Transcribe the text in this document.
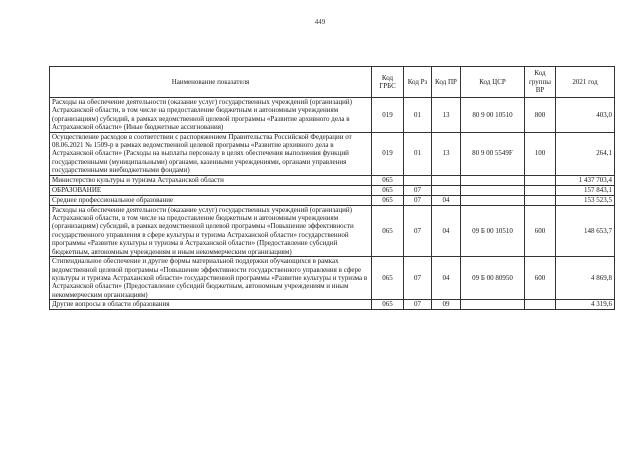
449
Наименование показателя	Код ГРБС	Код Рз	Код ПР	Код ЦСР	Код группы ВР	2021 год
Расходы на обеспечение деятельности (оказание услуг) государственных учреждений (организаций) Астраханской области, в том числе на предоставление бюджетным и автономным учреждениям (организациям) субсидий, в рамках ведомственной целевой программы «Развитие архивного дела в Астраханской области» (Иные бюджетные ассигнования)	019	01	13	80 9 00 10510	800	403,0
Осуществление расходов в соответствии с распоряжением Правительства Российской Федерации от 08.06.2021 № 1509-р в рамках ведомственной целевой программы «Развитие архивного дела в Астраханской области» (Расходы на выплаты персоналу в целях обеспечения выполнения функций государственными (муниципальными) органами, казенными учреждениями, органами управления государственными внебюджетными фондами)	019	01	13	80 9 00 5549F	100	264,1
Министерство культуры и туризма Астраханской области	065					1 437 703,4
ОБРАЗОВАНИЕ	065	07				157 843,1
Среднее профессиональное образование	065	07	04			153 523,5
Расходы на обеспечение деятельности (оказание услуг) государственных учреждений (организаций) Астраханской области, в том числе на предоставление бюджетным и автономным учреждениям (организациям) субсидий, в рамках ведомственной целевой программы «Повышение эффективности государственного управления в сфере культуры и туризма Астраханской области» государственной программы «Развитие культуры и туризма в Астраханской области» (Предоставление субсидий бюджетным, автономным учреждениям и иным некоммерческим организациям)	065	07	04	09 Б 00 10510	600	148 653,7
Стипендиальное обеспечение и другие формы материальной поддержки обучающихся в рамках ведомственной целевой программы «Повышение эффективности государственного управления в сфере культуры и туризма Астраханской области» государственной программы «Развитие культуры и туризма в Астраханской области» (Предоставление субсидий бюджетным, автономным учреждениям и иным некоммерческим организациям)	065	07	04	09 Б 00 80950	600	4 869,8
Другие вопросы в области образования	065	07	09			4 319,6
